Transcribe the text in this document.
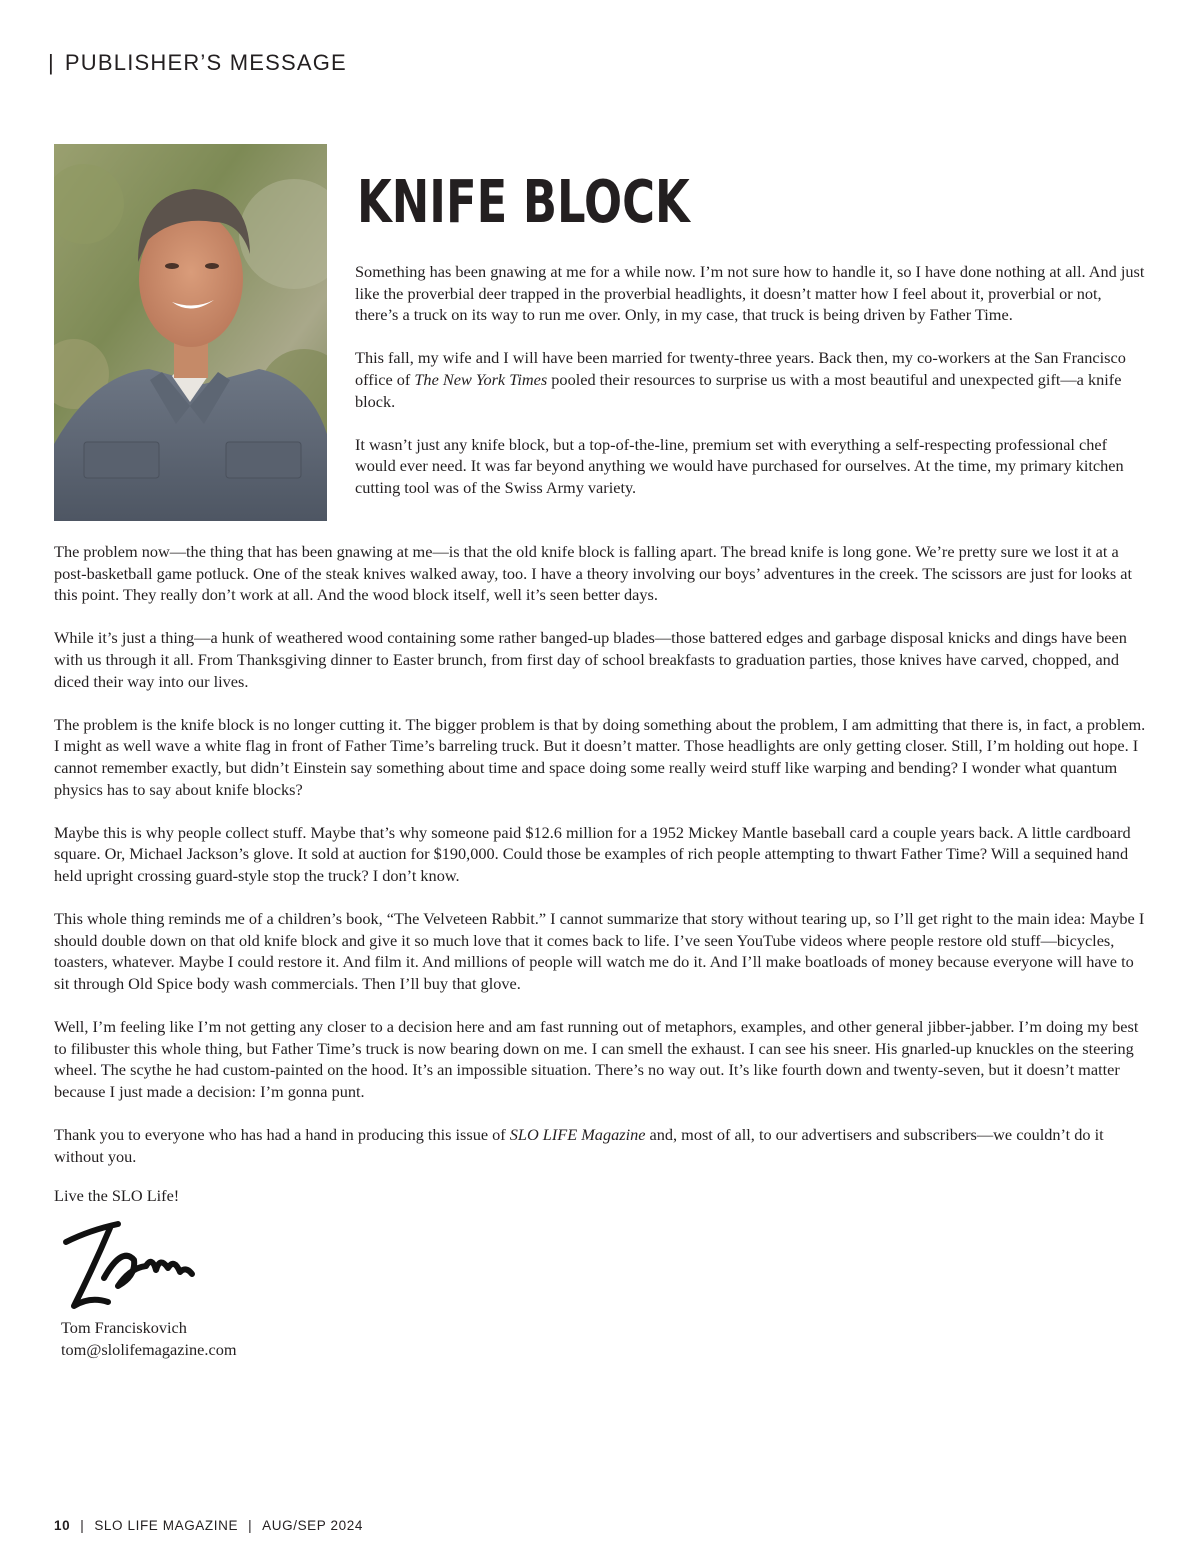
| PUBLISHER’S MESSAGE
KNIFE BLOCK

Something has been gnawing at me for a while now. I’m not sure how to handle it, so I have done nothing at all. And just like the proverbial deer trapped in the proverbial headlights, it doesn’t matter how I feel about it, proverbial or not, there’s a truck on its way to run me over. Only, in my case, that truck is being driven by Father Time.

This fall, my wife and I will have been married for twenty-three years. Back then, my co-workers at the San Francisco office of The New York Times pooled their resources to surprise us with a most beautiful and unexpected gift—a knife block.

It wasn’t just any knife block, but a top-of-the-line, premium set with everything a self-respecting professional chef would ever need. It was far beyond anything we would have purchased for ourselves. At the time, my primary kitchen cutting tool was of the Swiss Army variety.

The problem now—the thing that has been gnawing at me—is that the old knife block is falling apart. The bread knife is long gone. We’re pretty sure we lost it at a post-basketball game potluck. One of the steak knives walked away, too. I have a theory involving our boys’ adventures in the creek. The scissors are just for looks at this point. They really don’t work at all. And the wood block itself, well it’s seen better days.

While it’s just a thing—a hunk of weathered wood containing some rather banged-up blades—those battered edges and garbage disposal knicks and dings have been with us through it all. From Thanksgiving dinner to Easter brunch, from first day of school breakfasts to graduation parties, those knives have carved, chopped, and diced their way into our lives.

The problem is the knife block is no longer cutting it. The bigger problem is that by doing something about the problem, I am admitting that there is, in fact, a problem. I might as well wave a white flag in front of Father Time’s barreling truck. But it doesn’t matter. Those headlights are only getting closer. Still, I’m holding out hope. I cannot remember exactly, but didn’t Einstein say something about time and space doing some really weird stuff like warping and bending? I wonder what quantum physics has to say about knife blocks?

Maybe this is why people collect stuff. Maybe that’s why someone paid $12.6 million for a 1952 Mickey Mantle baseball card a couple years back. A little cardboard square. Or, Michael Jackson’s glove. It sold at auction for $190,000. Could those be examples of rich people attempting to thwart Father Time? Will a sequined hand held upright crossing guard-style stop the truck? I don’t know.

This whole thing reminds me of a children’s book, “The Velveteen Rabbit.” I cannot summarize that story without tearing up, so I’ll get right to the main idea: Maybe I should double down on that old knife block and give it so much love that it comes back to life. I’ve seen YouTube videos where people restore old stuff—bicycles, toasters, whatever. Maybe I could restore it. And film it. And millions of people will watch me do it. And I’ll make boatloads of money because everyone will have to sit through Old Spice body wash commercials. Then I’ll buy that glove.

Well, I’m feeling like I’m not getting any closer to a decision here and am fast running out of metaphors, examples, and other general jibber-jabber. I’m doing my best to filibuster this whole thing, but Father Time’s truck is now bearing down on me. I can smell the exhaust. I can see his sneer. His gnarled-up knuckles on the steering wheel. The scythe he had custom-painted on the hood. It’s an impossible situation. There’s no way out. It’s like fourth down and twenty-seven, but it doesn’t matter because I just made a decision: I’m gonna punt.

Thank you to everyone who has had a hand in producing this issue of SLO LIFE Magazine and, most of all, to our advertisers and subscribers—we couldn’t do it without you.

Live the SLO Life!
Tom Franciskovich
tom@slolifemagazine.com
10 | SLO LIFE MAGAZINE | AUG/SEP 2024
